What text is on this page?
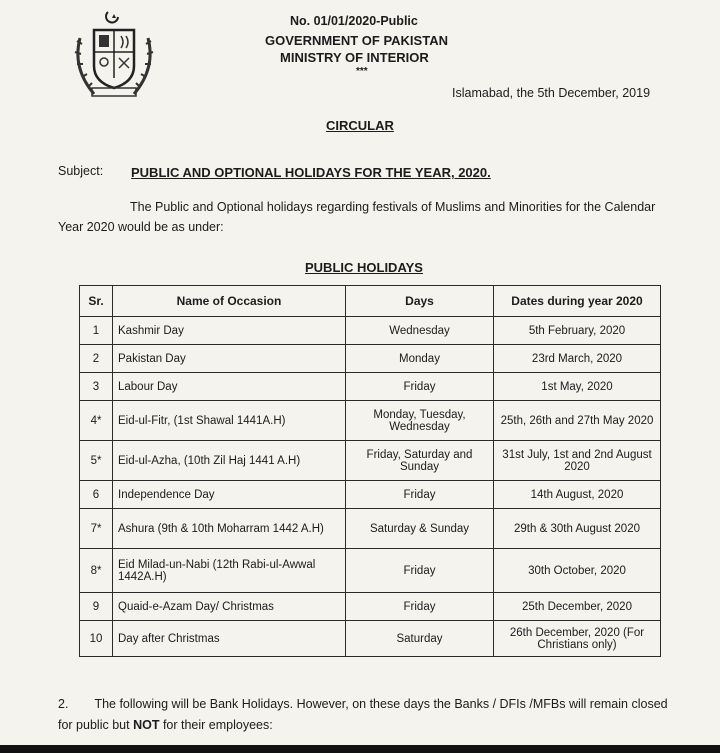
No. 01/01/2020-Public
GOVERNMENT OF PAKISTAN
MINISTRY OF INTERIOR
***
Islamabad, the 5th December, 2019
CIRCULAR
Subject: PUBLIC AND OPTIONAL HOLIDAYS FOR THE YEAR, 2020.
The Public and Optional holidays regarding festivals of Muslims and Minorities for the Calendar Year 2020 would be as under:
PUBLIC HOLIDAYS
Sr.	Name of Occasion	Days	Dates during year 2020
1	Kashmir Day	Wednesday	5th February, 2020
2	Pakistan Day	Monday	23rd March, 2020
3	Labour Day	Friday	1st May, 2020
4*	Eid-ul-Fitr, (1st Shawal 1441A.H)	Monday, Tuesday, Wednesday	25th, 26th and 27th May 2020
5*	Eid-ul-Azha, (10th Zil Haj 1441 A.H)	Friday, Saturday and Sunday	31st July, 1st and 2nd August 2020
6	Independence Day	Friday	14th August, 2020
7*	Ashura (9th & 10th Moharram 1442 A.H)	Saturday & Sunday	29th & 30th August 2020
8*	Eid Milad-un-Nabi (12th Rabi-ul-Awwal 1442A.H)	Friday	30th October, 2020
9	Quaid-e-Azam Day/ Christmas	Friday	25th December, 2020
10	Day after Christmas	Saturday	26th December, 2020 (For Christians only)
2. The following will be Bank Holidays. However, on these days the Banks / DFIs /MFBs will remain closed for public but NOT for their employees:
